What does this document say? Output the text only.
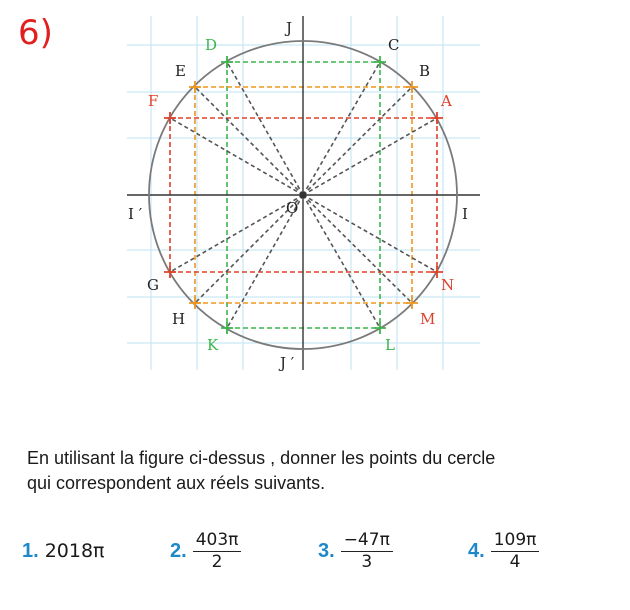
6)	J
J ′
I
I ′	O
A
B
C
D
E
F
G
H
K	L
M
N

En utilisant la figure ci-dessus , donner les points du cercle
qui correspondent aux réels suivants.

1. 2018π	2. $\frac{403\pi}{2}$	3. $\frac{-47\pi}{3}$	4. $\frac{109\pi}{4}$
